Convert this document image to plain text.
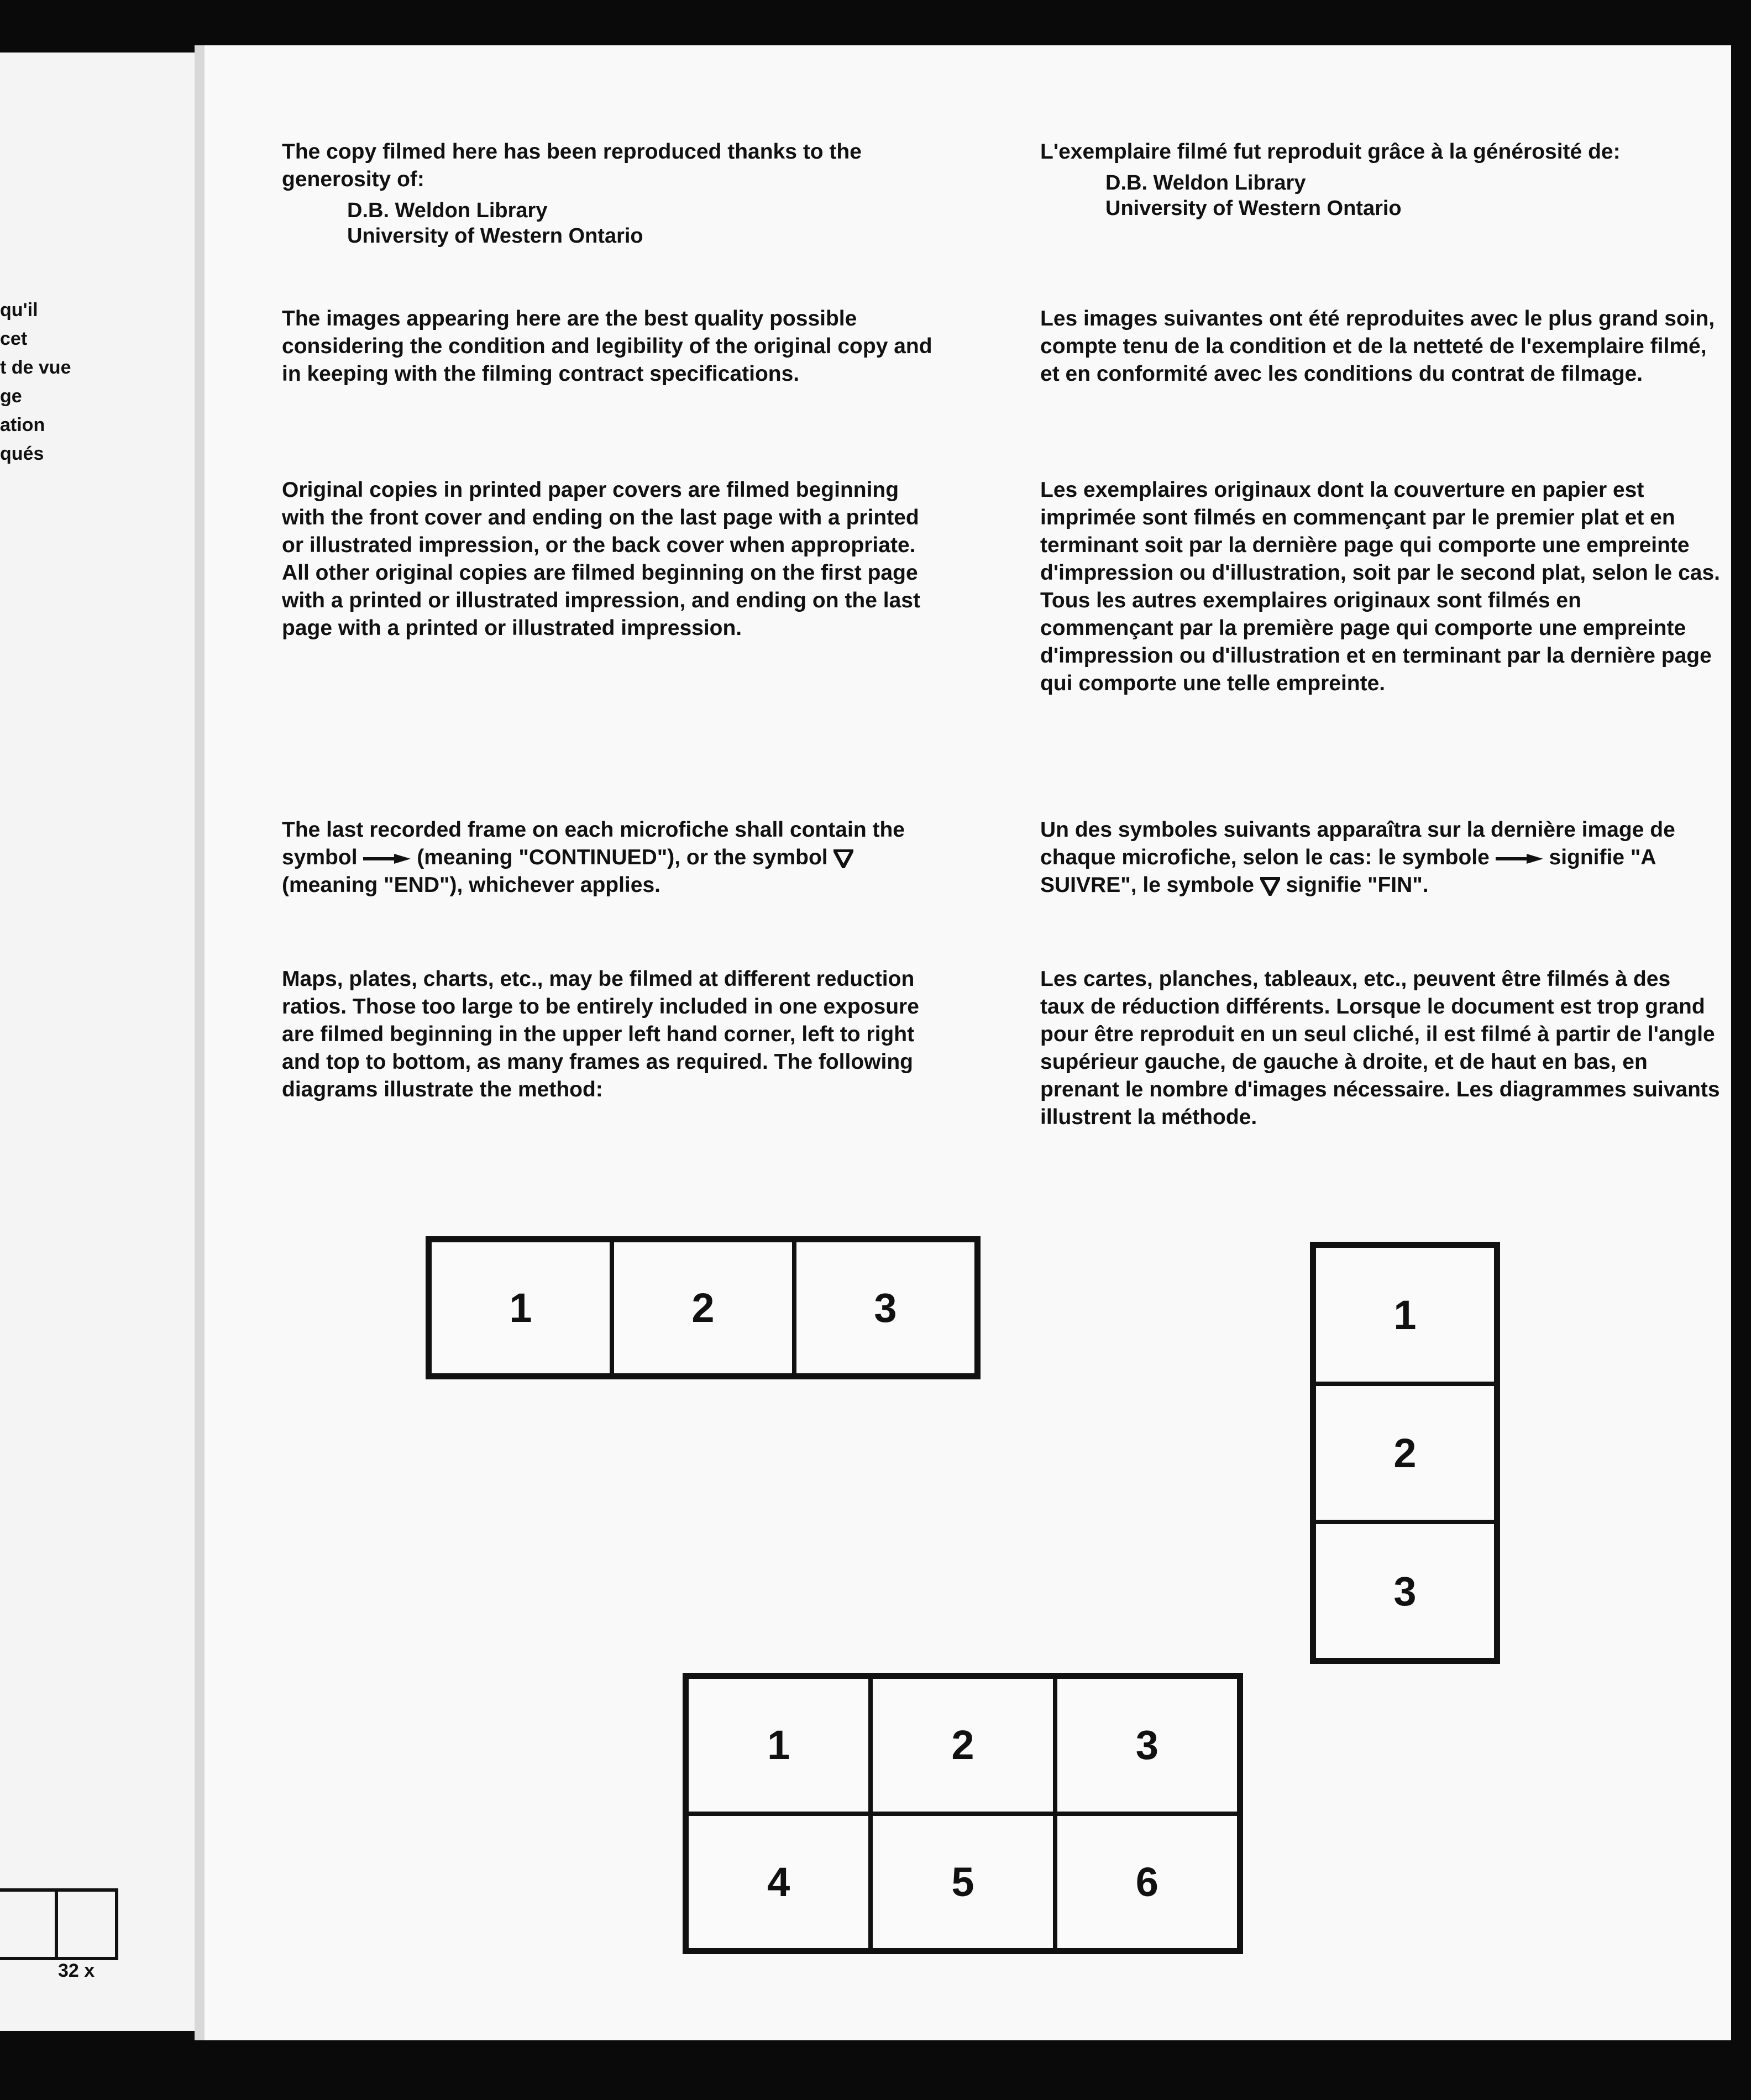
qu'il
cet
t de vue
ge
ation
qués
32 x

The copy filmed here has been reproduced thanks to the generosity of:

D.B. Weldon Library
University of Western Ontario

The images appearing here are the best quality possible considering the condition and legibility of the original copy and in keeping with the filming contract specifications.

Original copies in printed paper covers are filmed beginning with the front cover and ending on the last page with a printed or illustrated impression, or the back cover when appropriate. All other original copies are filmed beginning on the first page with a printed or illustrated impression, and ending on the last page with a printed or illustrated impression.

The last recorded frame on each microfiche shall contain the symbol	(meaning "CONTINUED"), or the symbol  (meaning "END"), whichever applies.

Maps, plates, charts, etc., may be filmed at different reduction ratios. Those too large to be entirely included in one exposure are filmed beginning in the upper left hand corner, left to right and top to bottom, as many frames as required. The following diagrams illustrate the method:

L'exemplaire filmé fut reproduit grâce à la générosité de:

D.B. Weldon Library
University of Western Ontario

Les images suivantes ont été reproduites avec le plus grand soin, compte tenu de la condition et de la netteté de l'exemplaire filmé, et en conformité avec les conditions du contrat de filmage.

Les exemplaires originaux dont la couverture en papier est imprimée sont filmés en commençant par le premier plat et en terminant soit par la dernière page qui comporte une empreinte d'impression ou d'illustration, soit par le second plat, selon le cas. Tous les autres exemplaires originaux sont filmés en commençant par la première page qui comporte une empreinte d'impression ou d'illustration et en terminant par la dernière page qui comporte une telle empreinte.

Un des symboles suivants apparaîtra sur la dernière image de chaque microfiche, selon le cas: le symbole	signifie "A SUIVRE", le symbole signifie "FIN".

Les cartes, planches, tableaux, etc., peuvent être filmés à des taux de réduction différents. Lorsque le document est trop grand pour être reproduit en un seul cliché, il est filmé à partir de l'angle supérieur gauche, de gauche à droite, et de haut en bas, en prenant le nombre d'images nécessaire. Les diagrammes suivants illustrent la méthode.

1	2	3	1
2
3
1	2	3
4	5	6
